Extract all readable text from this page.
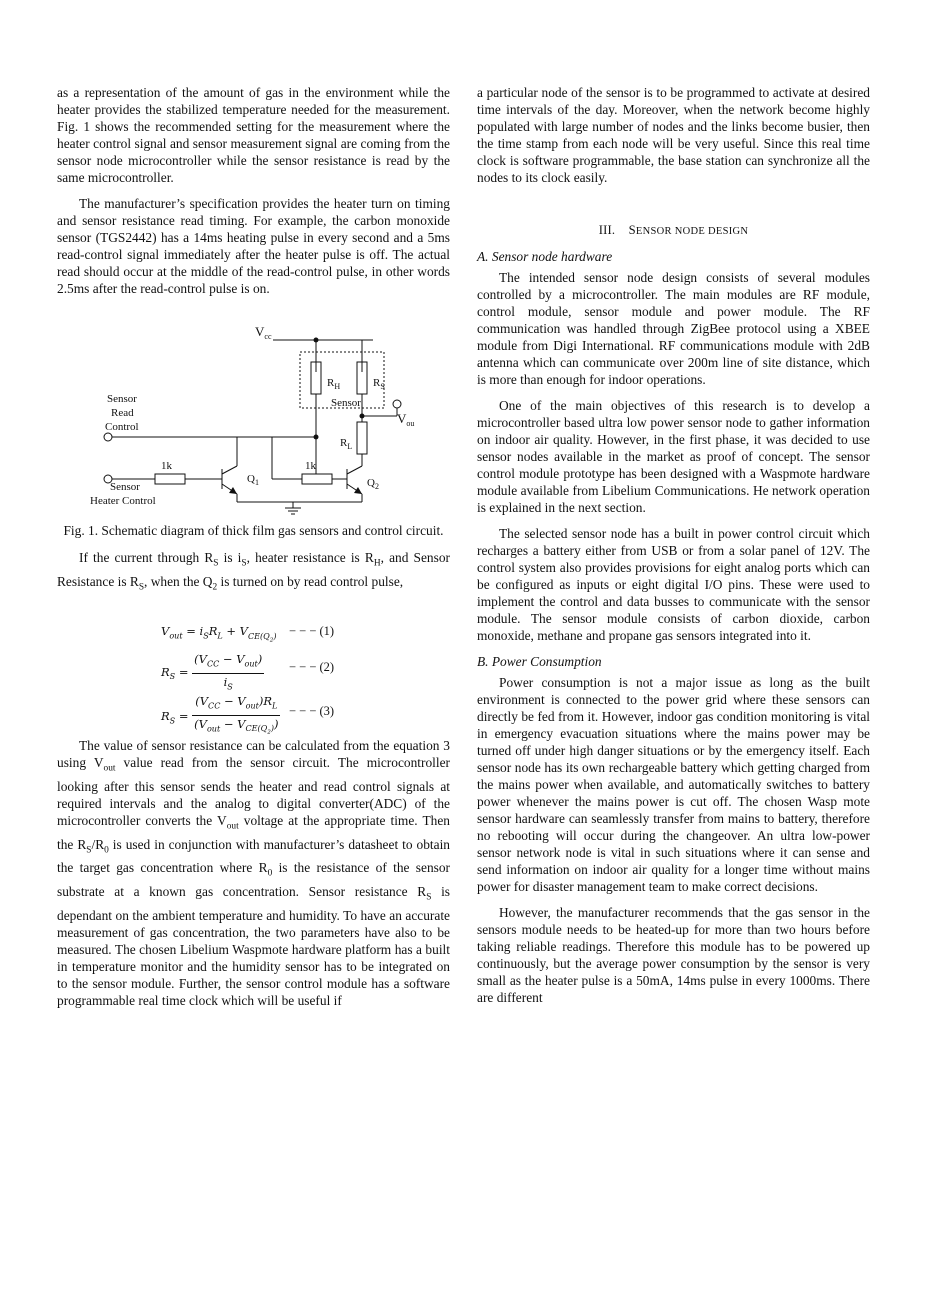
as a representation of the amount of gas in the environment while the heater provides the stabilized temperature needed for the measurement. Fig. 1 shows the recommended setting for the measurement where the heater control signal and sensor measurement signal are coming from the sensor node microcontroller while the sensor resistance is read by the same microcontroller.

The manufacturer’s specification provides the heater turn on timing and sensor resistance read timing. For example, the carbon monoxide sensor (TGS2442) has a 14ms heating pulse in every second and a 5ms read-control signal immediately after the heater pulse is off. The actual read should occur at the middle of the read-control pulse, in other words 2.5ms after the read-control pulse is on.

$V_{cc}$
$R_H$	$R_S$
Sensor
$R_L$
$V_{ou}$
Sensor
Read
Control
Sensor
Heater Control
1k	1k
$Q_1$	$Q_2$

Fig. 1. Schematic diagram of thick film gas sensors and control circuit.

If the current through $R_S$ is $i_S$, heater resistance is $R_H$, and Sensor Resistance is $R_S$, when the $Q_2$ is turned on by read control pulse,

$V_{out} = i_SR_L + V_{CE(Q_2)}$ − − − (1)
$R_S = \frac{(V_{CC} - V_{out})}{i_S}$ − − − (2)
$R_S = \frac{(V_{CC} - V_{out})R_L}{(V_{out} - V_{CE(Q_2)})}$ − − − (3)

The value of sensor resistance can be calculated from the equation 3 using $V_{out}$ value read from the sensor circuit. The microcontroller looking after this sensor sends the heater and read control signals at required intervals and the analog to digital converter(ADC) of the microcontroller converts the $V_{out}$ voltage at the appropriate time. Then the $R_S/R_0$ is used in conjunction with manufacturer’s datasheet to obtain the target gas concentration where $R_0$ is the resistance of the sensor substrate at a known gas concentration. Sensor resistance $R_S$ is dependant on the ambient temperature and humidity. To have an accurate measurement of gas concentration, the two parameters have also to be measured. The chosen Libelium Waspmote hardware platform has a built in temperature monitor and the humidity sensor has to be integrated on to the sensor module. Further, the sensor control module has a software programmable real time clock which will be useful if

a particular node of the sensor is to be programmed to activate at desired time intervals of the day. Moreover, when the network become highly populated with large number of nodes and the links become busier, then the time stamp from each node will be very useful. Since this real time clock is software programmable, the base station can synchronize all the nodes to its clock easily.

III. SENSOR NODE DESIGN
A. Sensor node hardware

The intended sensor node design consists of several modules controlled by a microcontroller. The main modules are RF module, control module, sensor module and power module. The RF communication was handled through ZigBee protocol using a XBEE module from Digi International. RF communications module with 2dB antenna which can communicate over 200m line of site distance, which is more than enough for indoor operations.

One of the main objectives of this research is to develop a microcontroller based ultra low power sensor node to gather information on indoor air quality. However, in the first phase, it was decided to use sensor nodes available in the market as proof of concept. The sensor control module prototype has been designed with a Waspmote hardware module available from Libelium Communications. He network operation is explained in the next section.

The selected sensor node has a built in power control circuit which recharges a battery either from USB or from a solar panel of 12V. The control system also provides provisions for eight analog ports which can be configured as inputs or eight digital I/O pins. These were used to implement the control and data busses to communicate with the sensor module. The sensor module consists of carbon dioxide, carbon monoxide, methane and propane gas sensors integrated into it.

B. Power Consumption

Power consumption is not a major issue as long as the built environment is connected to the power grid where these sensors can directly be fed from it. However, indoor gas condition monitoring is vital in emergency evacuation situations where the mains power may be turned off under high danger situations or by the emergency itself. Each sensor node has its own rechargeable battery which getting charged from the mains power when available, and automatically switches to battery power whenever the mains power is cut off. The chosen Wasp mote sensor hardware can seamlessly transfer from mains to battery, therefore no rebooting will occur during the changeover. An ultra low-power sensor network node is vital in such situations where it can sense and send information on indoor air quality for a longer time without mains power for disaster management team to make correct decisions.

However, the manufacturer recommends that the gas sensor in the sensors module needs to be heated-up for more than two hours before taking reliable readings. Therefore this module has to be powered up continuously, but the average power consumption by the sensor is very small as the heater pulse is a 50mA, 14ms pulse in every 1000ms. There are different
